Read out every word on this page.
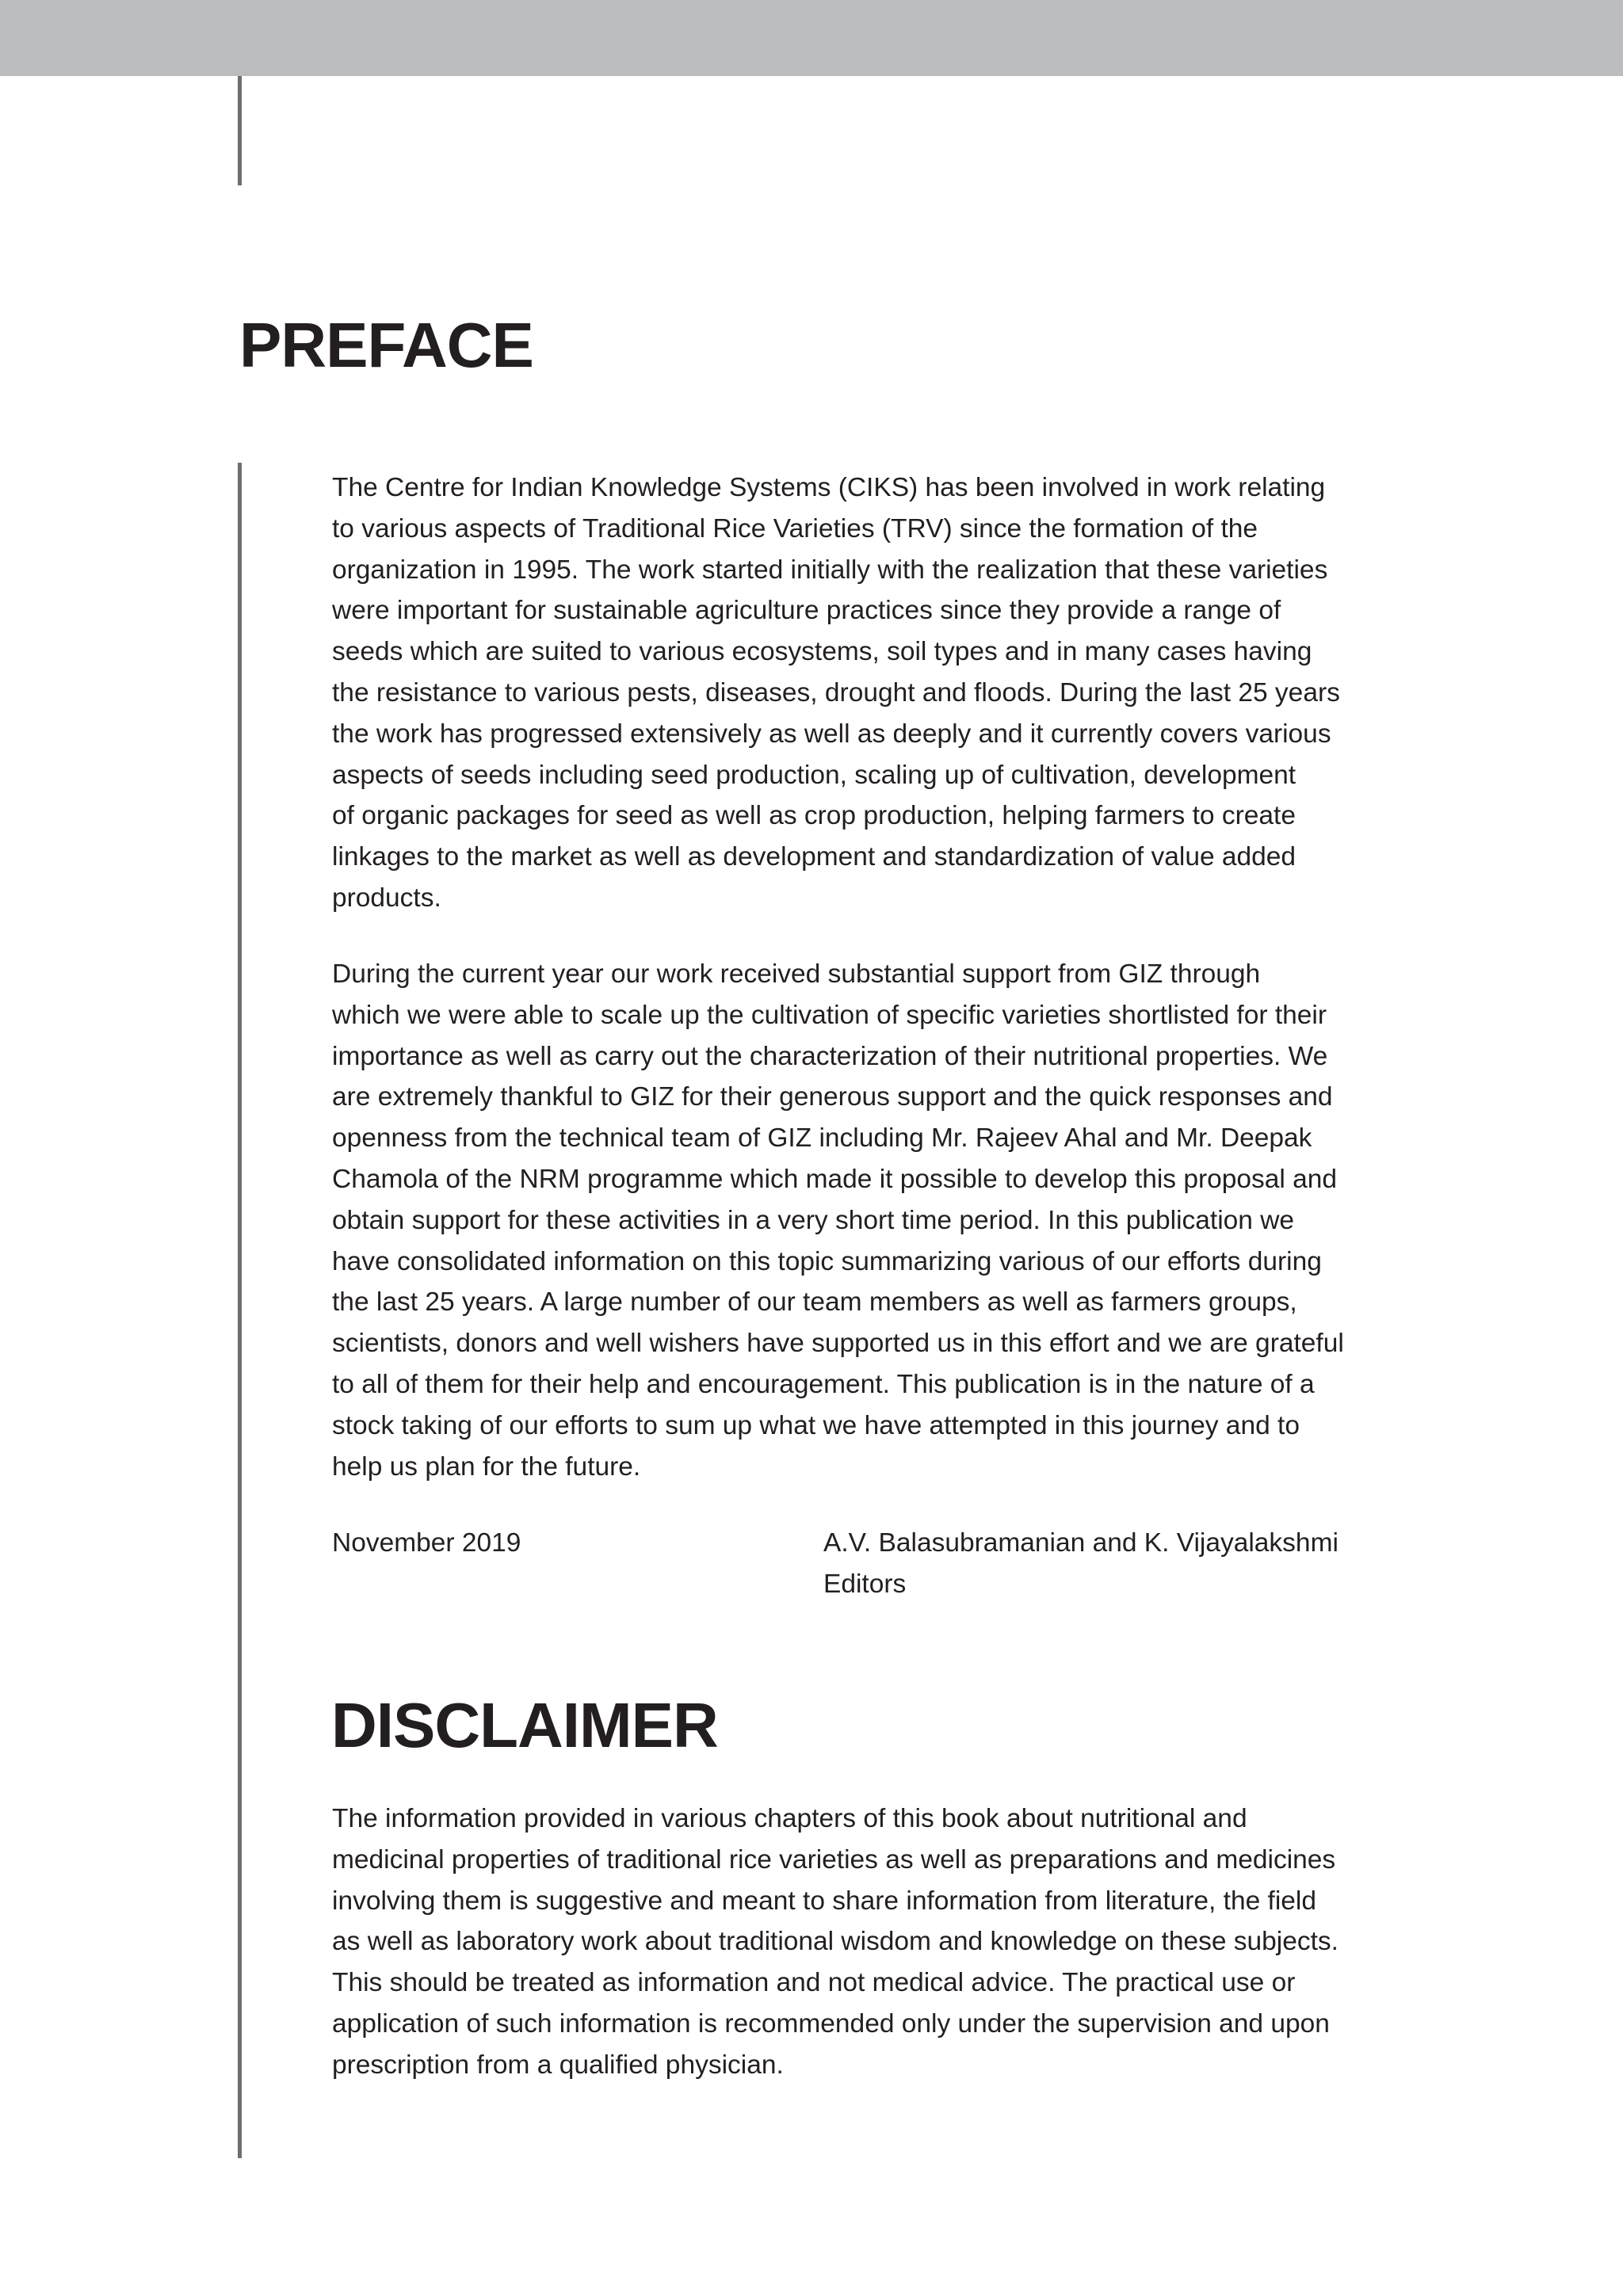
PREFACE

The Centre for Indian Knowledge Systems (CIKS) has been involved in work relating
to various aspects of Traditional Rice Varieties (TRV) since the formation of the
organization in 1995. The work started initially with the realization that these varieties
were important for sustainable agriculture practices since they provide a range of
seeds which are suited to various ecosystems, soil types and in many cases having
the resistance to various pests, diseases, drought and floods. During the last 25 years
the work has progressed extensively as well as deeply and it currently covers various
aspects of seeds including seed production, scaling up of cultivation, development
of organic packages for seed as well as crop production, helping farmers to create
linkages to the market as well as development and standardization of value added
products.

During the current year our work received substantial support from GIZ through
which we were able to scale up the cultivation of specific varieties shortlisted for their
importance as well as carry out the characterization of their nutritional properties. We
are extremely thankful to GIZ for their generous support and the quick responses and
openness from the technical team of GIZ including Mr. Rajeev Ahal and Mr. Deepak
Chamola of the NRM programme which made it possible to develop this proposal and
obtain support for these activities in a very short time period. In this publication we
have consolidated information on this topic summarizing various of our efforts during
the last 25 years. A large number of our team members as well as farmers groups,
scientists, donors and well wishers have supported us in this effort and we are grateful
to all of them for their help and encouragement. This publication is in the nature of a
stock taking of our efforts to sum up what we have attempted in this journey and to
help us plan for the future.

November 2019	A.V. Balasubramanian and K. Vijayalakshmi
Editors
DISCLAIMER

The information provided in various chapters of this book about nutritional and
medicinal properties of traditional rice varieties as well as preparations and medicines
involving them is suggestive and meant to share information from literature, the field
as well as laboratory work about traditional wisdom and knowledge on these subjects.
This should be treated as information and not medical advice. The practical use or
application of such information is recommended only under the supervision and upon
prescription from a qualified physician.
